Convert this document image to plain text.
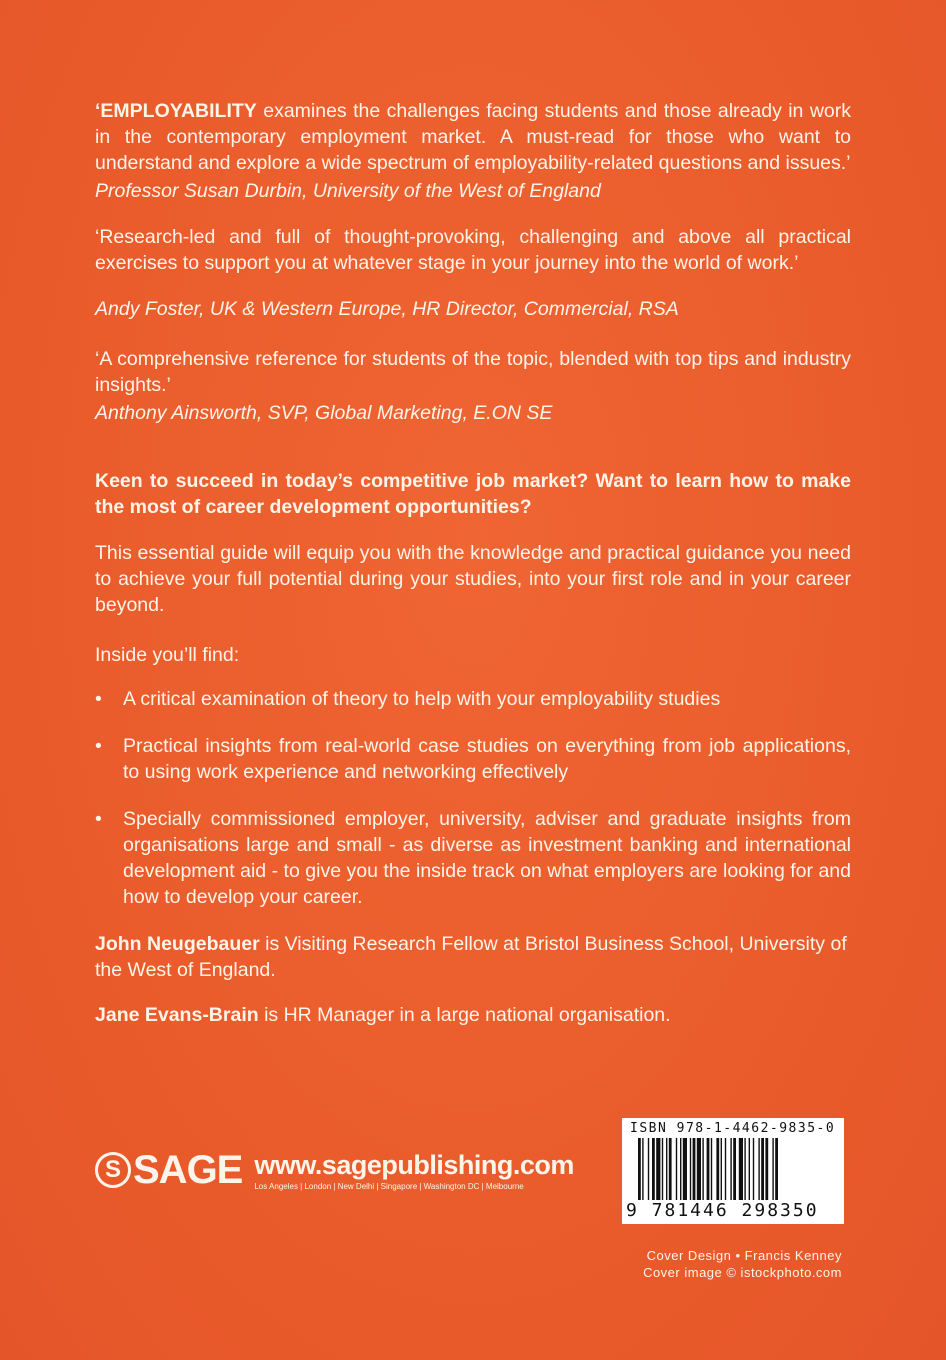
‘EMPLOYABILITY examines the challenges facing students and those already in work in the contemporary employment market. A must-read for those who want to understand and explore a wide spectrum of employability-related questions and issues.’

Professor Susan Durbin, University of the West of England

‘Research-led and full of thought-provoking, challenging and above all practical exercises to support you at whatever stage in your journey into the world of work.’

Andy Foster, UK & Western Europe, HR Director, Commercial, RSA

‘A comprehensive reference for students of the topic, blended with top tips and industry insights.’

Anthony Ainsworth, SVP, Global Marketing, E.ON SE

Keen to succeed in today’s competitive job market? Want to learn how to make the most of career development opportunities?

This essential guide will equip you with the knowledge and practical guidance you need to achieve your full potential during your studies, into your first role and in your career beyond.

Inside you’ll find:

• A critical examination of theory to help with your employability studies
• Practical insights from real-world case studies on everything from job applications, to using work experience and networking effectively
• Specially commissioned employer, university, adviser and graduate insights from organisations large and small - as diverse as investment banking and international development aid - to give you the inside track on what employers are looking for and how to develop your career.

John Neugebauer is Visiting Research Fellow at Bristol Business School, University of the West of England.

Jane Evans-Brain is HR Manager in a large national organisation.

S SAGE www.sagepublishing.com
Los Angeles | London | New Delhi | Singapore | Washington DC | Melbourne
ISBN 978-1-4462-9835-0
9 781446 298350
Cover Design • Francis Kenney
Cover image © istockphoto.com
